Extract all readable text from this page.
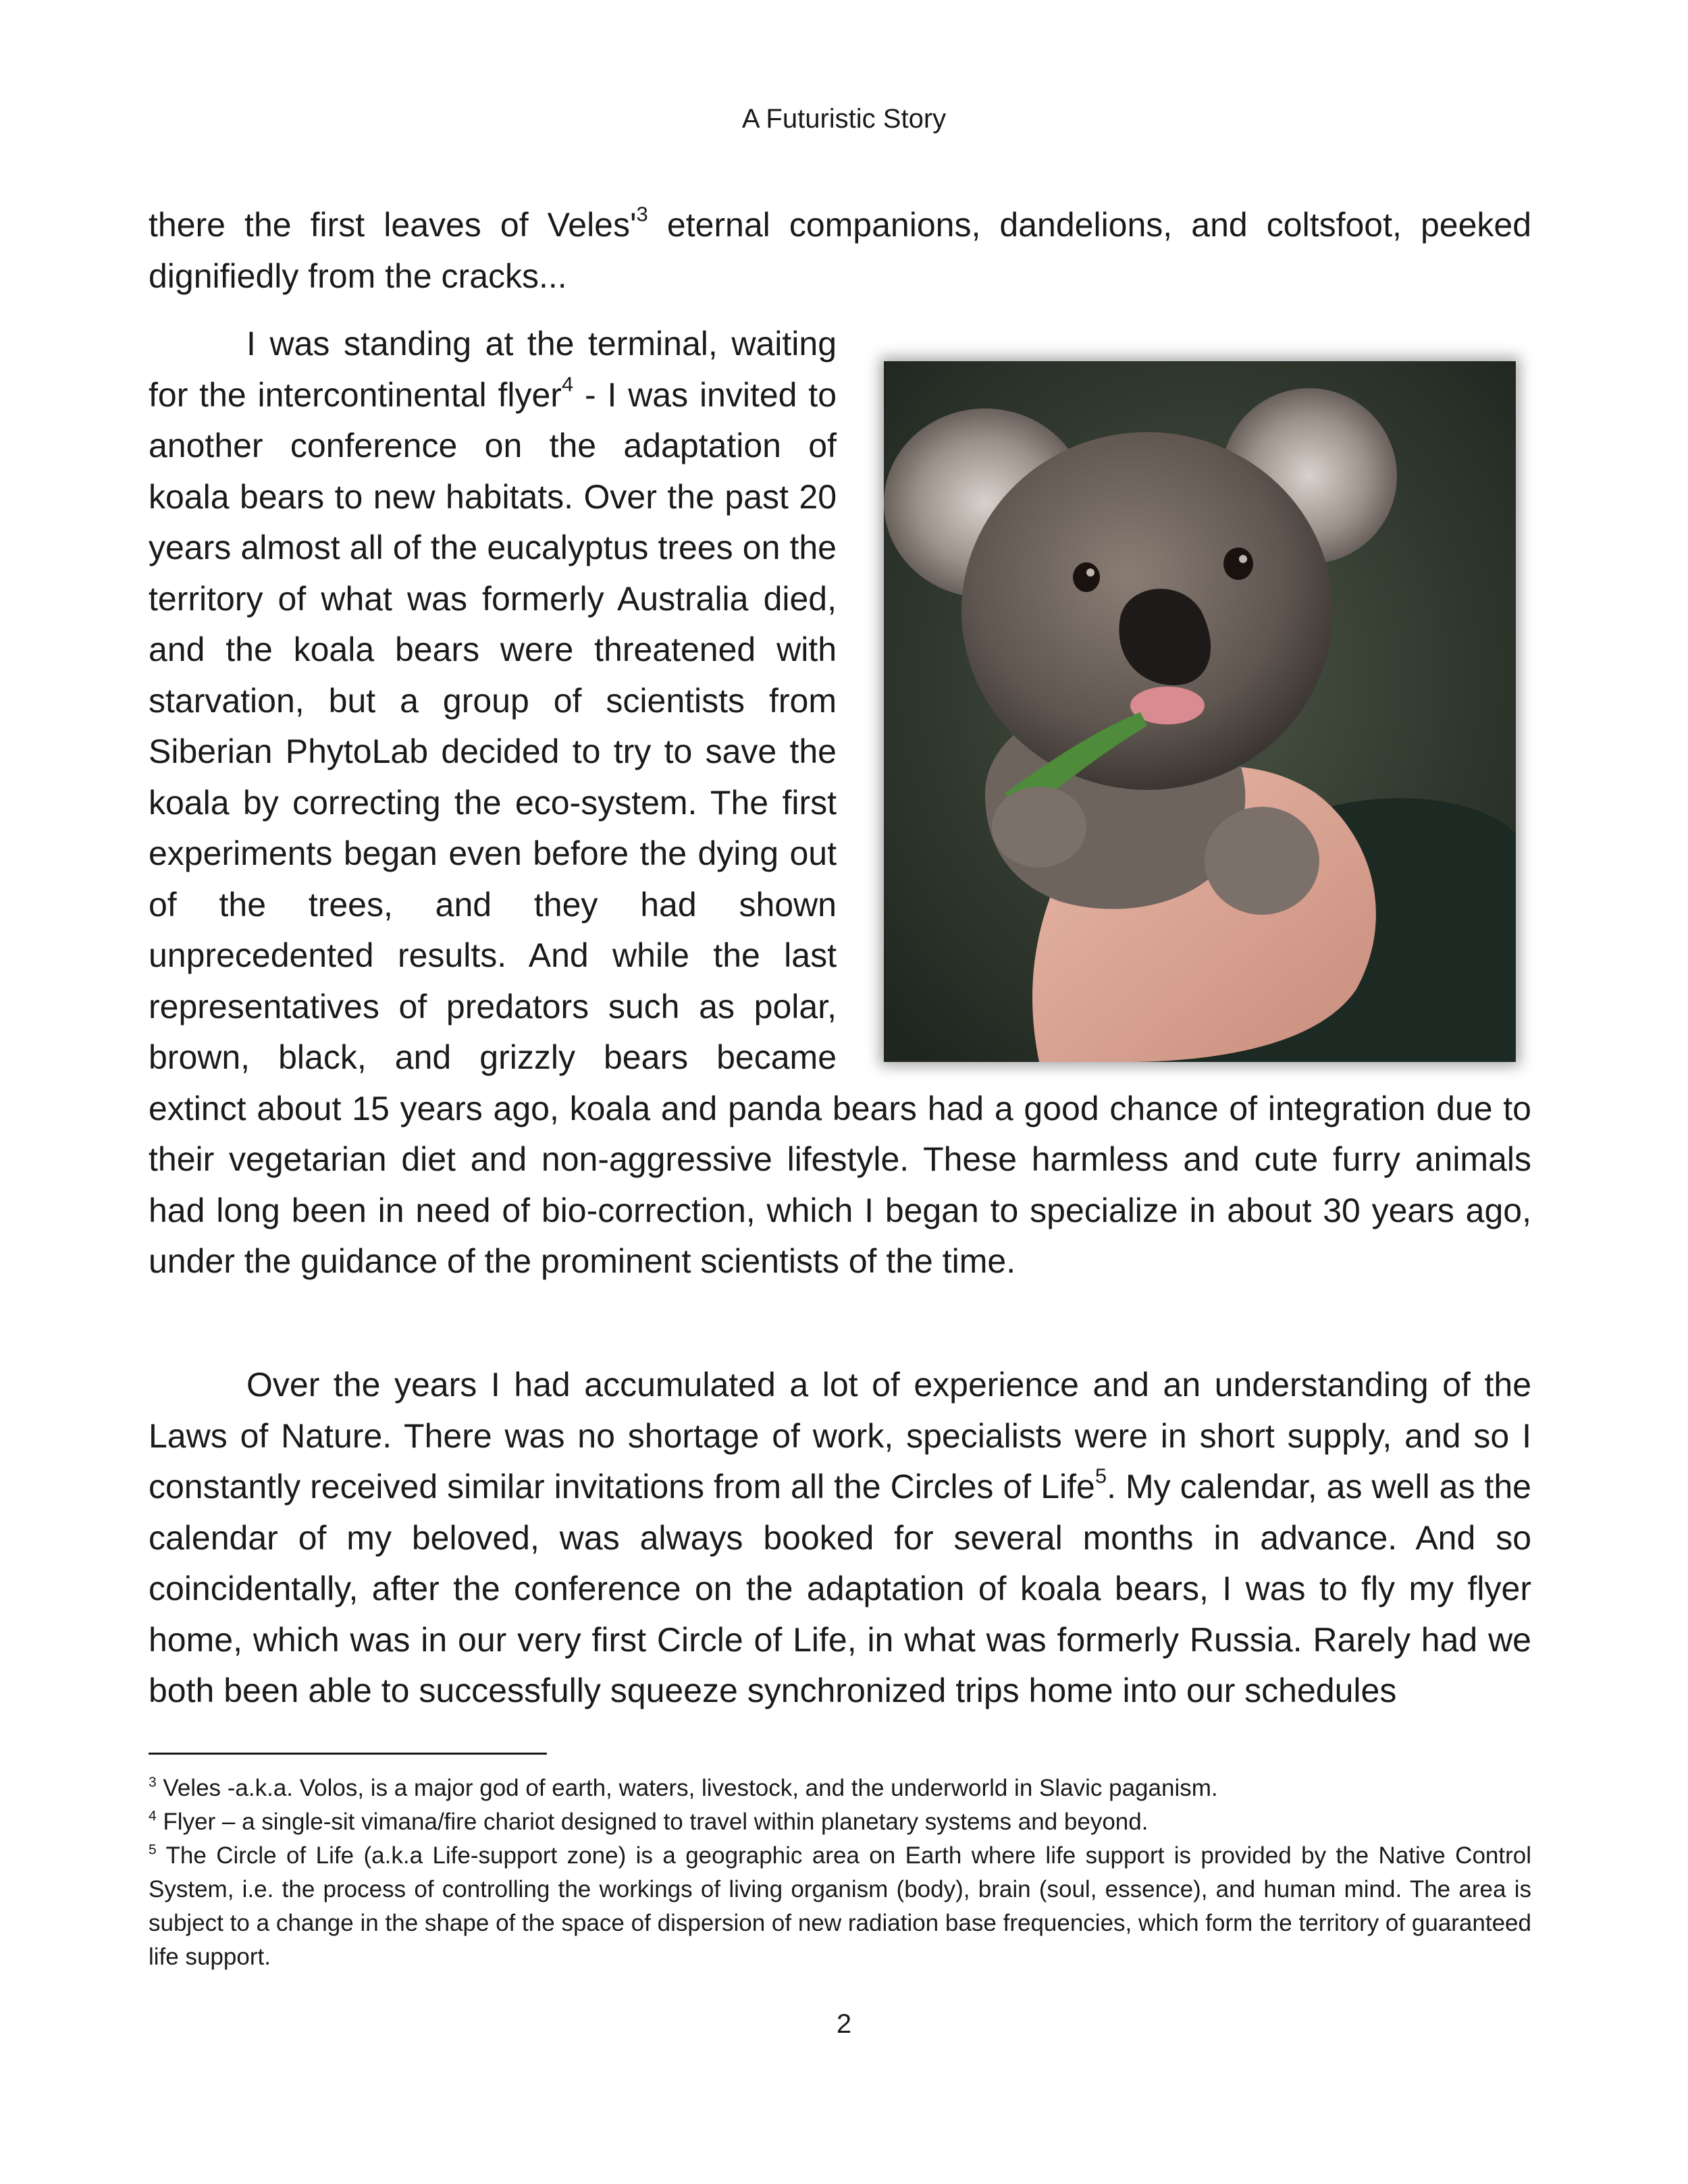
A Futuristic Story

there the first leaves of $Veles'^3$ eternal companions, dandelions, and coltsfoot, peeked dignifiedly from the cracks...

I was standing at the terminal, waiting for the intercontinental flyer$^4$ - I was invited to another conference on the adaptation of koala bears to new habitats. Over the past 20 years almost all of the eucalyptus trees on the territory of what was formerly Australia died, and the koala bears were threatened with starvation, but a group of scientists from Siberian PhytoLab decided to try to save the koala by correcting the eco-system. The first experiments began even before the dying out of the trees, and they had shown unprecedented results. And while the last representatives of predators such as polar, brown, black, and grizzly bears became extinct about 15 years ago, koala and panda bears had a good chance of integration due to their vegetarian diet and non-aggressive lifestyle. These harmless and cute furry animals had long been in need of bio-correction, which I began to specialize in about 30 years ago, under the guidance of the prominent scientists of the time.

Over the years I had accumulated a lot of experience and an understanding of the Laws of Nature. There was no shortage of work, specialists were in short supply, and so I constantly received similar invitations from all the Circles of Life$^5$. My calendar, as well as the calendar of my beloved, was always booked for several months in advance. And so coincidentally, after the conference on the adaptation of koala bears, I was to fly my flyer home, which was in our very first Circle of Life, in what was formerly Russia. Rarely had we both been able to successfully squeeze synchronized trips home into our schedules

$^3$ Veles -a.k.a. Volos, is a major god of earth, waters, livestock, and the underworld in Slavic paganism.

$^4$ Flyer – a single-sit vimana/fire chariot designed to travel within planetary systems and beyond.

$^5$ The Circle of Life (a.k.a Life-support zone) is a geographic area on Earth where life support is provided by the Native Control System, i.e. the process of controlling the workings of living organism (body), brain (soul, essence), and human mind. The area is subject to a change in the shape of the space of dispersion of new radiation base frequencies, which form the territory of guaranteed life support.

2
